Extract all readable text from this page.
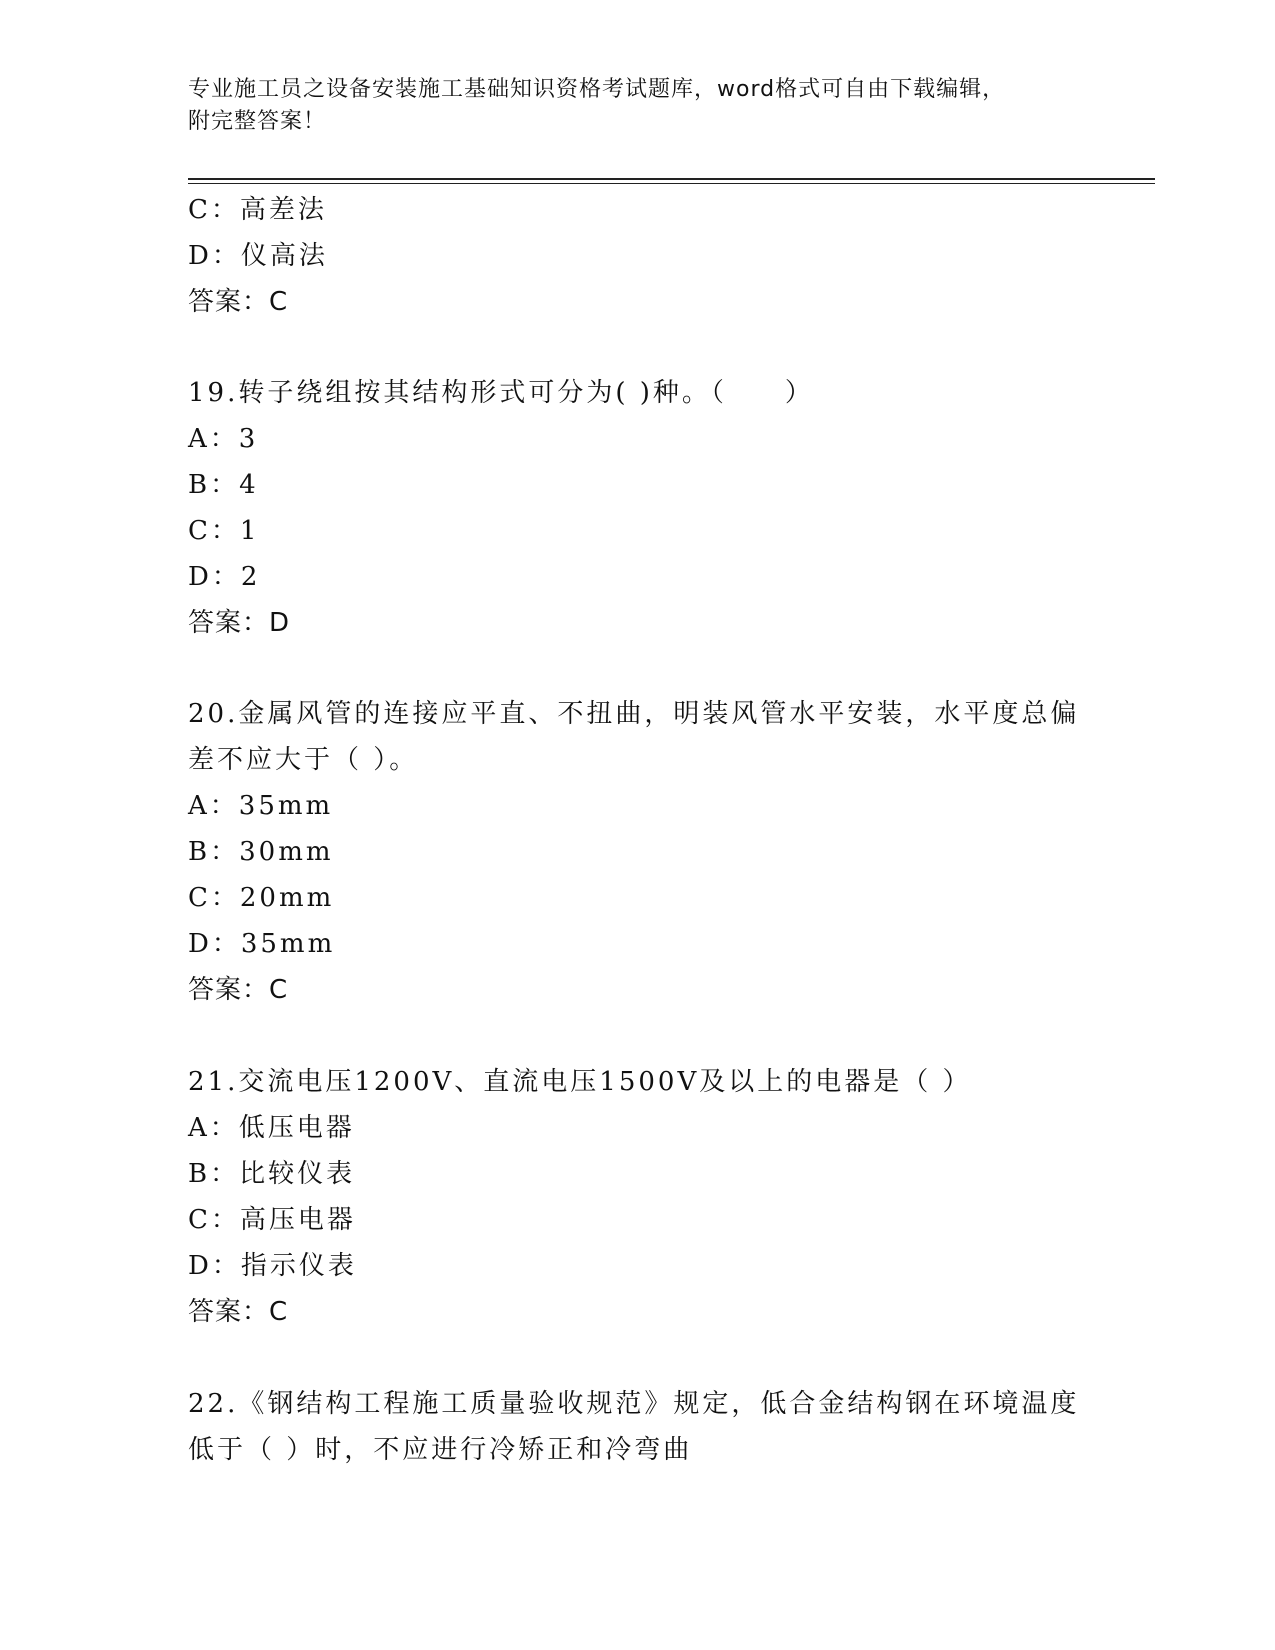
专业施工员之设备安装施工基础知识资格考试题库，word格式可自由下载编辑，
附完整答案！
C：高差法
D：仪高法
答案：C
19.转子绕组按其结构形式可分为( )种。（　　）
A：3
B：4
C：1
D：2
答案：D
20.金属风管的连接应平直、不扭曲，明装风管水平安装，水平度总偏
差不应大于（ ）。
A：35mm
B：30mm
C：20mm
D：35mm
答案：C
21.交流电压1200V、直流电压1500V及以上的电器是（ ）
A：低压电器
B：比较仪表
C：高压电器
D：指示仪表
答案：C
22.《钢结构工程施工质量验收规范》规定，低合金结构钢在环境温度
低于（ ）时，不应进行冷矫正和冷弯曲
